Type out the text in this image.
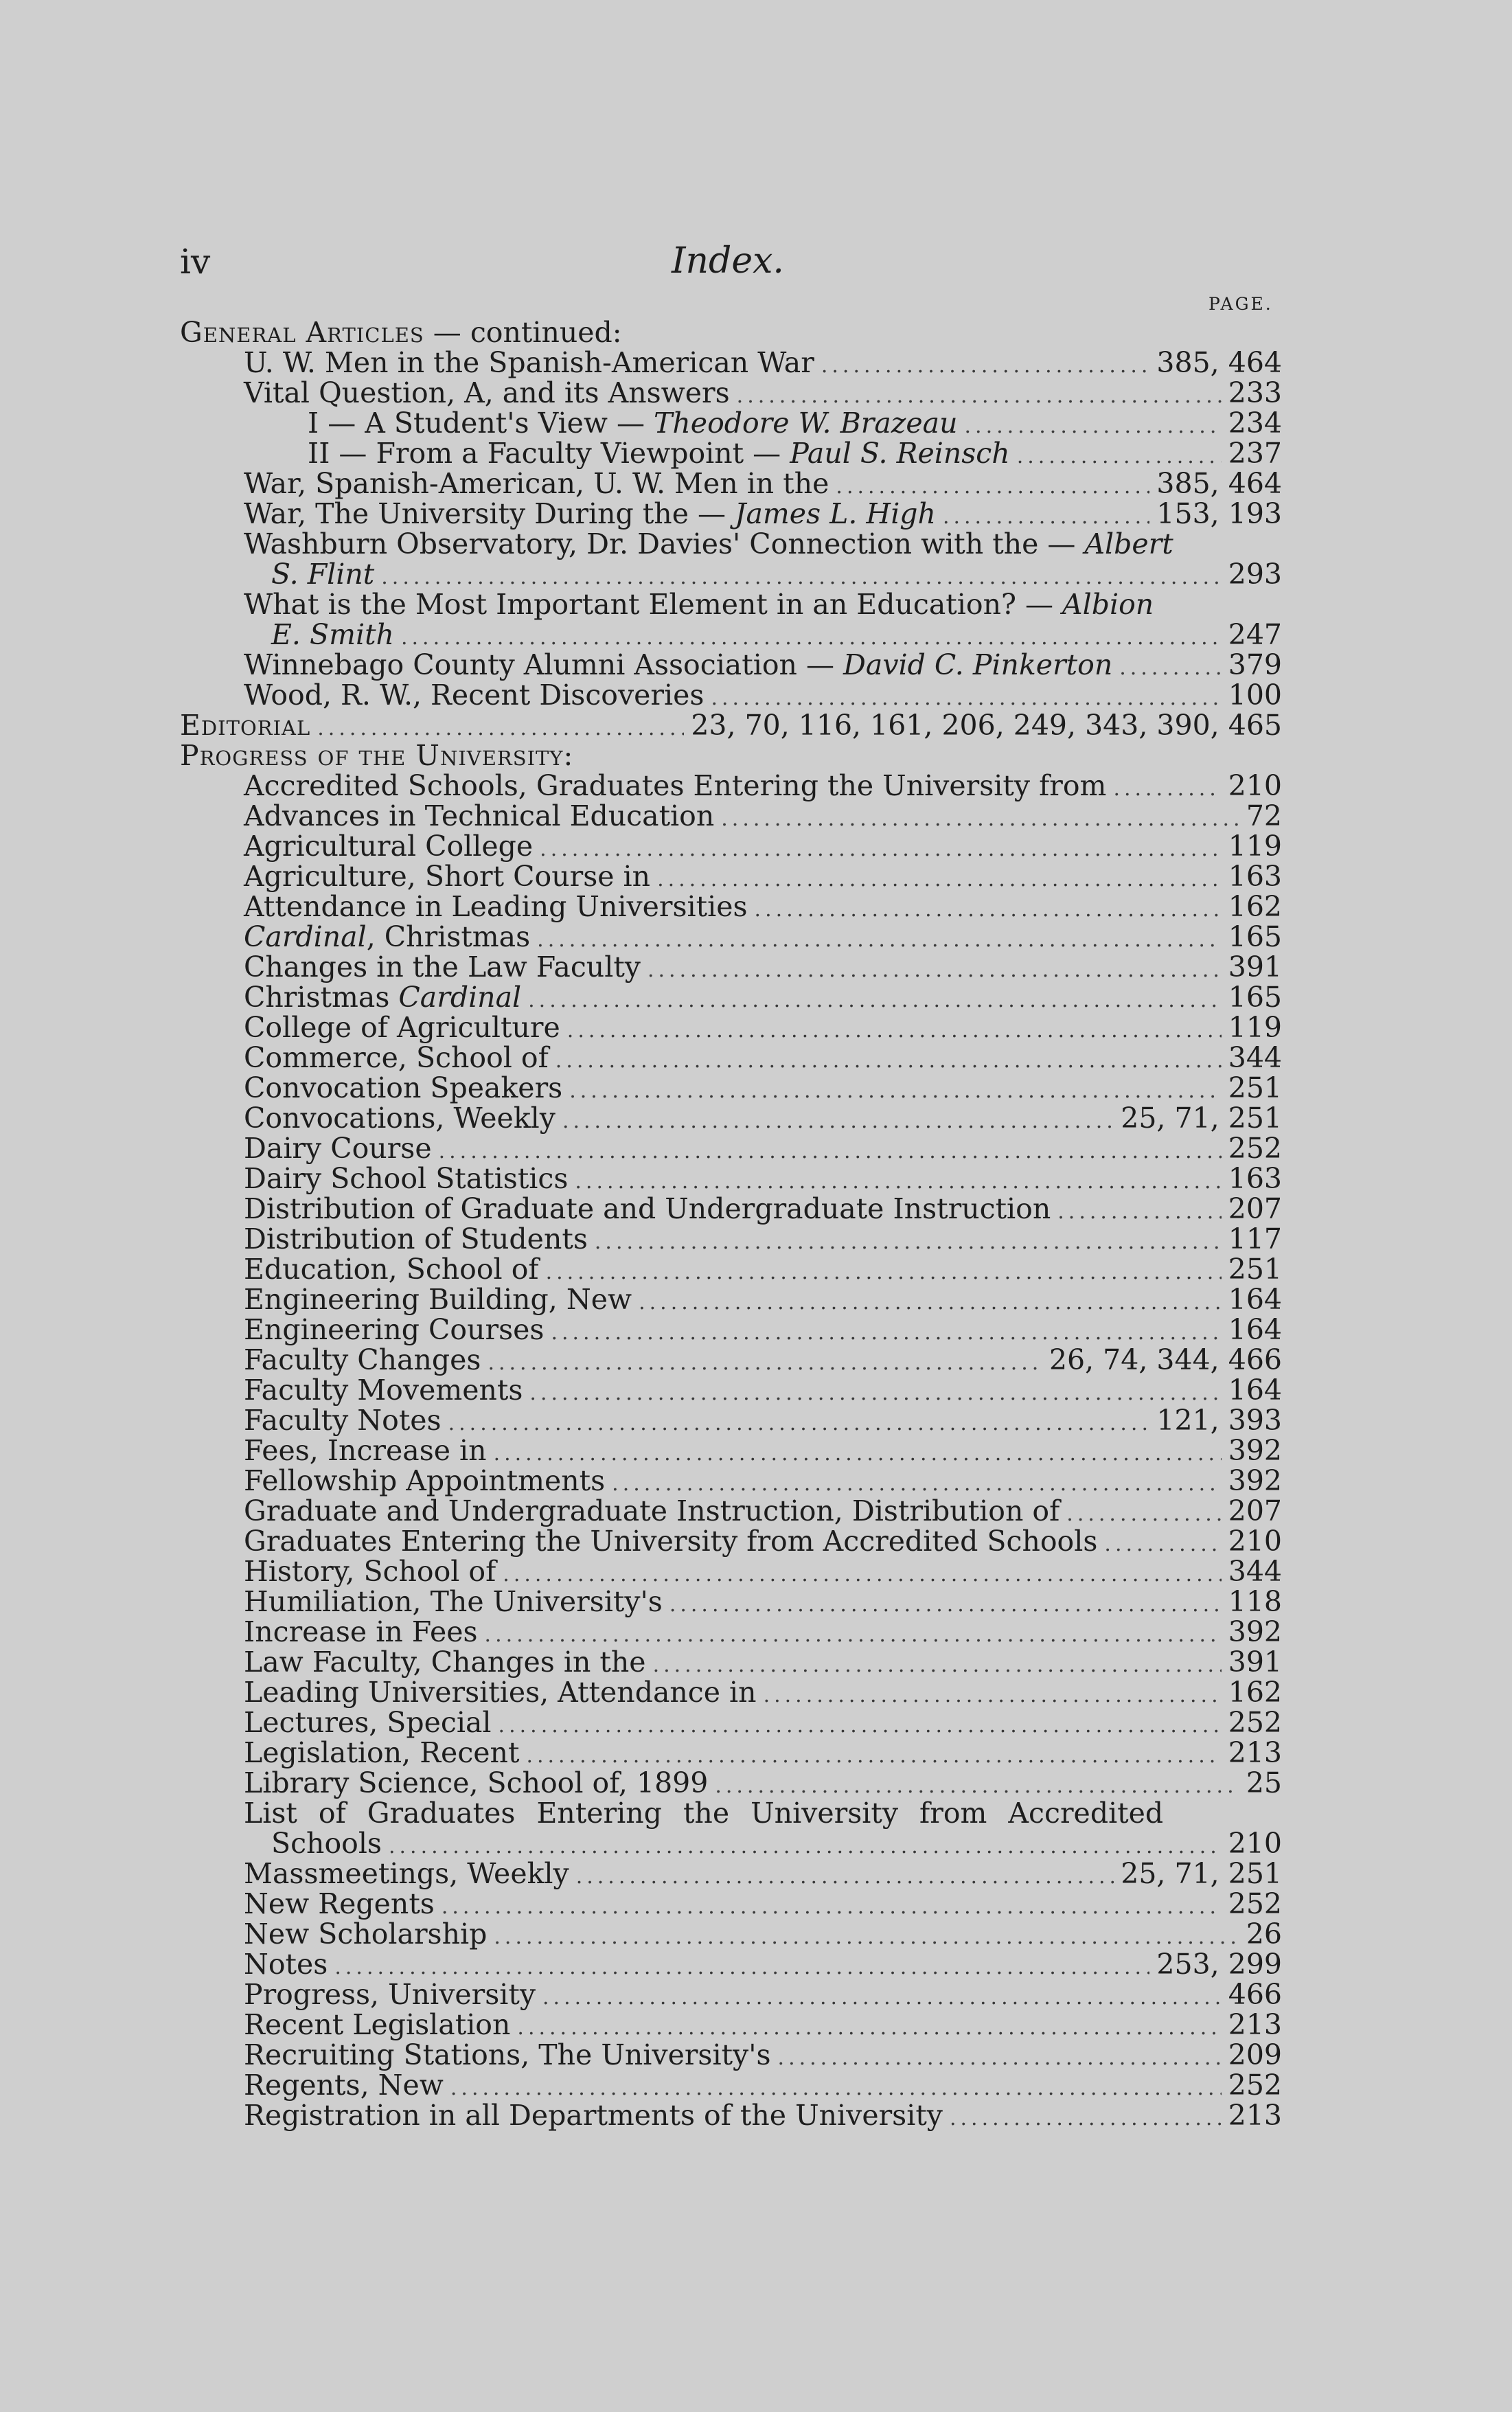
iv	Index.
PAGE.
General Articles — continued:
U. W. Men in the Spanish-American War .....	385, 464
Vital Question, A, and its Answers .....	233
I — A Student's View — Theodore W. Brazeau .....	234
II — From a Faculty Viewpoint — Paul S. Reinsch .....	237
War, Spanish-American, U. W. Men in the .....	385, 464
War, The University During the — James L. High .....	153, 193
Washburn Observatory, Dr. Davies' Connection with the — Albert
S. Flint .....	293
What is the Most Important Element in an Education? — Albion
E. Smith .....	247
Winnebago County Alumni Association — David C. Pinkerton .....	379
Wood, R. W., Recent Discoveries .....	100
Editorial .....	23, 70, 116, 161, 206, 249, 343, 390, 465
Progress of the University:
Accredited Schools, Graduates Entering the University from .....	210
Advances in Technical Education .....	72
Agricultural College .....	119
Agriculture, Short Course in .....	163
Attendance in Leading Universities .....	162
Cardinal, Christmas .....	165
Changes in the Law Faculty .....	391
Christmas Cardinal .....	165
College of Agriculture .....	119
Commerce, School of .....	344
Convocation Speakers .....	251
Convocations, Weekly .....	25, 71, 251
Dairy Course .....	252
Dairy School Statistics .....	163
Distribution of Graduate and Undergraduate Instruction .....	207
Distribution of Students .....	117
Education, School of .....	251
Engineering Building, New .....	164
Engineering Courses .....	164
Faculty Changes .....	26, 74, 344, 466
Faculty Movements .....	164
Faculty Notes .....	121, 393
Fees, Increase in .....	392
Fellowship Appointments .....	392
Graduate and Undergraduate Instruction, Distribution of .....	207
Graduates Entering the University from Accredited Schools .....	210
History, School of .....	344
Humiliation, The University's .....	118
Increase in Fees .....	392
Law Faculty, Changes in the .....	391
Leading Universities, Attendance in .....	162
Lectures, Special .....	252
Legislation, Recent .....	213
Library Science, School of, 1899 .....	25
List of Graduates Entering the University from Accredited
Schools .....	210
Massmeetings, Weekly .....	25, 71, 251
New Regents .....	252
New Scholarship .....	26
Notes .....	253, 299
Progress, University .....	466
Recent Legislation .....	213
Recruiting Stations, The University's .....	209
Regents, New .....	252
Registration in all Departments of the University .....	213
